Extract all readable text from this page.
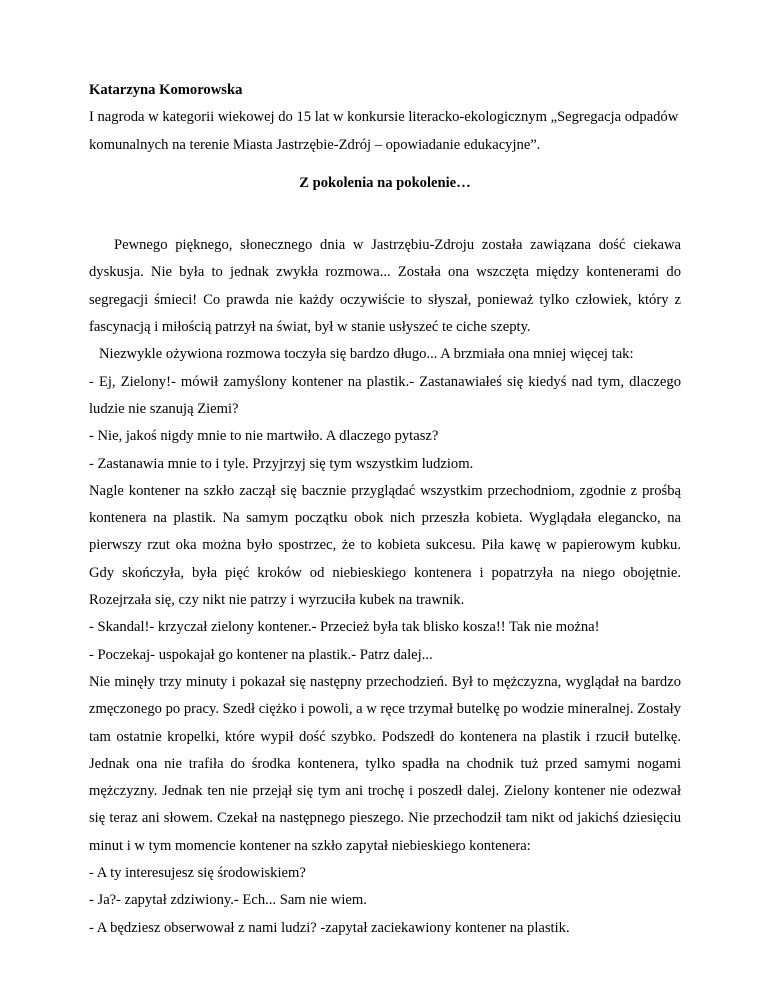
Katarzyna Komorowska

I nagroda w kategorii wiekowej do 15 lat w konkursie literacko-ekologicznym „Segregacja odpadów komunalnych na terenie Miasta Jastrzębie-Zdrój – opowiadanie edukacyjne”.

Z pokolenia na pokolenie…

Pewnego pięknego, słonecznego dnia w Jastrzębiu-Zdroju została zawiązana dość ciekawa dyskusja. Nie była to jednak zwykła rozmowa... Została ona wszczęta między kontenerami do segregacji śmieci! Co prawda nie każdy oczywiście to słyszał, ponieważ tylko człowiek, który z fascynacją i miłością patrzył na świat, był w stanie usłyszeć te ciche szepty.

Niezwykle ożywiona rozmowa toczyła się bardzo długo... A brzmiała ona mniej więcej tak:

- Ej, Zielony!- mówił zamyślony kontener na plastik.- Zastanawiałeś się kiedyś nad tym, dlaczego ludzie nie szanują Ziemi?

- Nie, jakoś nigdy mnie to nie martwiło. A dlaczego pytasz?

- Zastanawia mnie to i tyle. Przyjrzyj się tym wszystkim ludziom.

Nagle kontener na szkło zaczął się bacznie przyglądać wszystkim przechodniom, zgodnie z prośbą kontenera na plastik. Na samym początku obok nich przeszła kobieta. Wyglądała elegancko, na pierwszy rzut oka można było spostrzec, że to kobieta sukcesu. Piła kawę w papierowym kubku. Gdy skończyła, była pięć kroków od niebieskiego kontenera i popatrzyła na niego obojętnie. Rozejrzała się, czy nikt nie patrzy i wyrzuciła kubek na trawnik.

- Skandal!- krzyczał zielony kontener.- Przecież była tak blisko kosza!! Tak nie można!

- Poczekaj- uspokajał go kontener na plastik.- Patrz dalej...

Nie minęły trzy minuty i pokazał się następny przechodzień. Był to mężczyzna, wyglądał na bardzo zmęczonego po pracy. Szedł ciężko i powoli, a w ręce trzymał butelkę po wodzie mineralnej. Zostały tam ostatnie kropelki, które wypił dość szybko. Podszedł do kontenera na plastik i rzucił butelkę. Jednak ona nie trafiła do środka kontenera, tylko spadła na chodnik tuż przed samymi nogami mężczyzny. Jednak ten nie przejął się tym ani trochę i poszedł dalej. Zielony kontener nie odezwał się teraz ani słowem. Czekał na następnego pieszego. Nie przechodził tam nikt od jakichś dziesięciu minut i w tym momencie kontener na szkło zapytał niebieskiego kontenera:

- A ty interesujesz się środowiskiem?

- Ja?- zapytał zdziwiony.- Ech... Sam nie wiem.

- A będziesz obserwował z nami ludzi? -zapytał zaciekawiony kontener na plastik.
